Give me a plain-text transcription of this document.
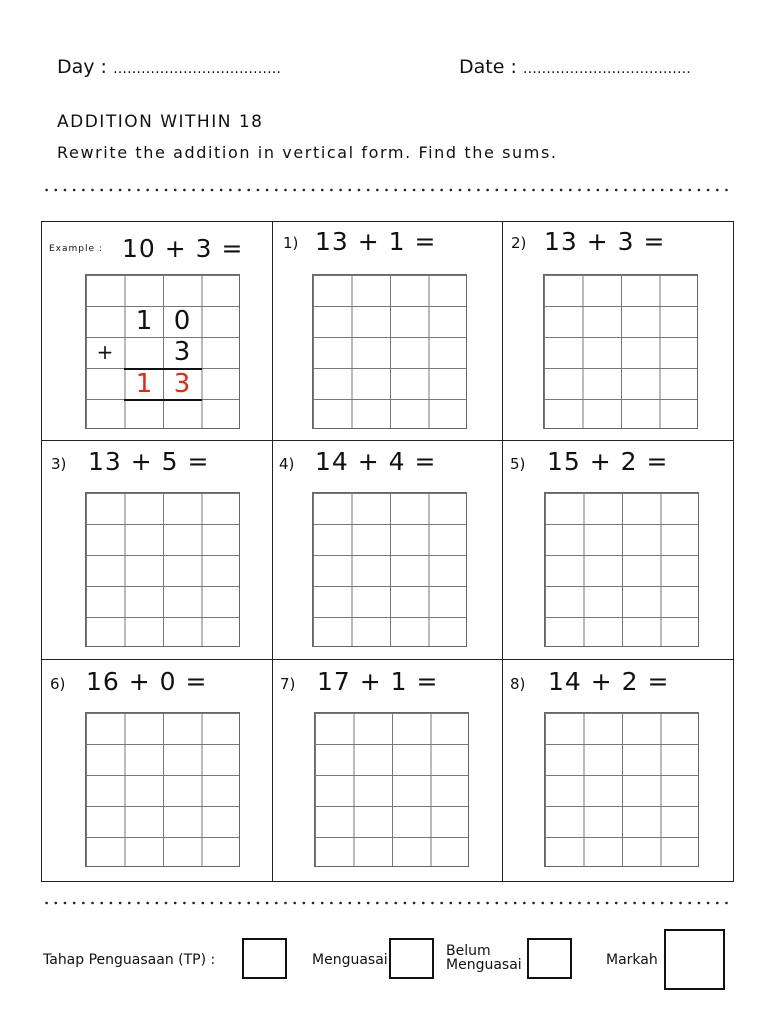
Day : ………………………………	Date : ………………………………
ADDITION WITHIN 18
Rewrite the addition in vertical form. Find the sums.
Example : 10 + 3 =
1 0
+	3
1 3
1) 13 + 1 =	2) 13 + 3 =
3) 13 + 5 =	4) 14 + 4 =	5) 15 + 2 =
6) 16 + 0 =	7) 17 + 1 =	8) 14 + 2 =
Tahap Penguasaan (TP) :	Menguasai
Belum
Menguasai	Markah
